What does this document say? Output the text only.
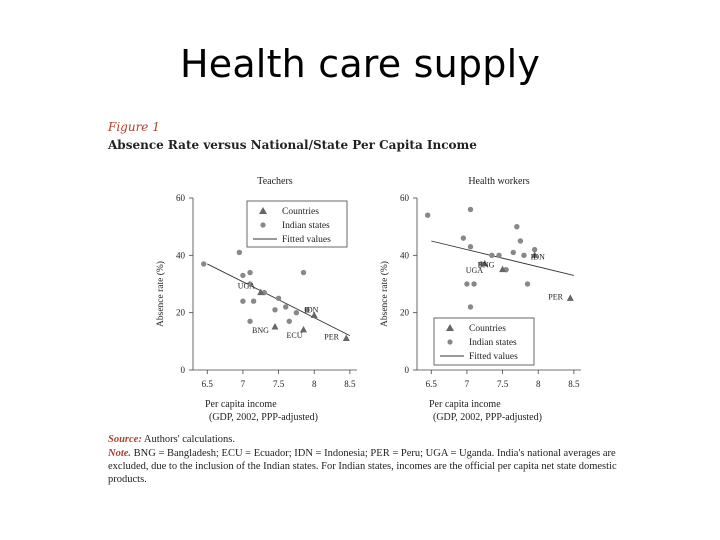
Health care supply
Figure 1
Absence Rate versus National/State Per Capita Income
Teachers
0
20
40
60
6.5	7	7.5	8	8.5
Per capita income
(GDP, 2002, PPP-adjusted)
Absence rate (%)
Countries
Indian states
Fitted values
UGA
BNG
IDN
ECU	PER
Health workers
0
20
40
60
6.5	7	7.5	8	8.5
Per capita income
(GDP, 2002, PPP-adjusted)
Absence rate (%)
Countries
Indian states
Fitted values
UGA
BNG
IDN
PER
Source: Authors' calculations.
Note. BNG = Bangladesh; ECU = Ecuador; IDN = Indonesia; PER = Peru; UGA = Uganda. India's national averages are excluded, due to the inclusion of the Indian states. For Indian states, incomes are the official per capita net state domestic products.
